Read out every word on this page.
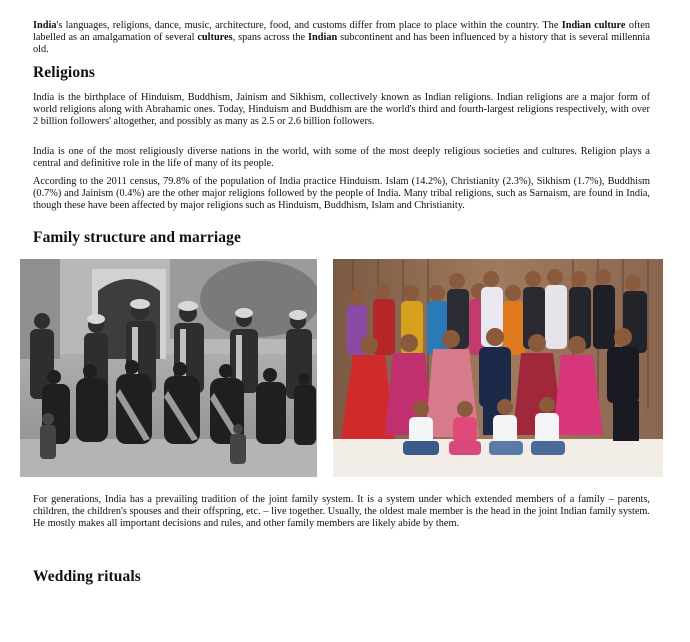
India's languages, religions, dance, music, architecture, food, and customs differ from place to place within the country. The Indian culture often labelled as an amalgamation of several cultures, spans across the Indian subcontinent and has been influenced by a history that is several millennia old.

Religions

India is the birthplace of Hinduism, Buddhism, Jainism and Sikhism, collectively known as Indian religions. Indian religions are a major form of world religions along with Abrahamic ones. Today, Hinduism and Buddhism are the world's third and fourth-largest religions respectively, with over 2 billion followers' altogether, and possibly as many as 2.5 or 2.6 billion followers.

India is one of the most religiously diverse nations in the world, with some of the most deeply religious societies and cultures. Religion plays a central and definitive role in the life of many of its people.

According to the 2011 census, 79.8% of the population of India practice Hinduism. Islam (14.2%), Christianity (2.3%), Sikhism (1.7%), Buddhism (0.7%) and Jainism (0.4%) are the other major religions followed by the people of India. Many tribal religions, such as Sarnaism, are found in India, though these have been affected by major religions such as Hinduism, Buddhism, Islam and Christianity.

Family structure and marriage

For generations, India has a prevailing tradition of the joint family system. It is a system under which extended members of a family – parents, children, the children's spouses and their offspring, etc. – live together. Usually, the oldest male member is the head in the joint Indian family system. He mostly makes all important decisions and rules, and other family members are likely abide by them.

Wedding rituals
